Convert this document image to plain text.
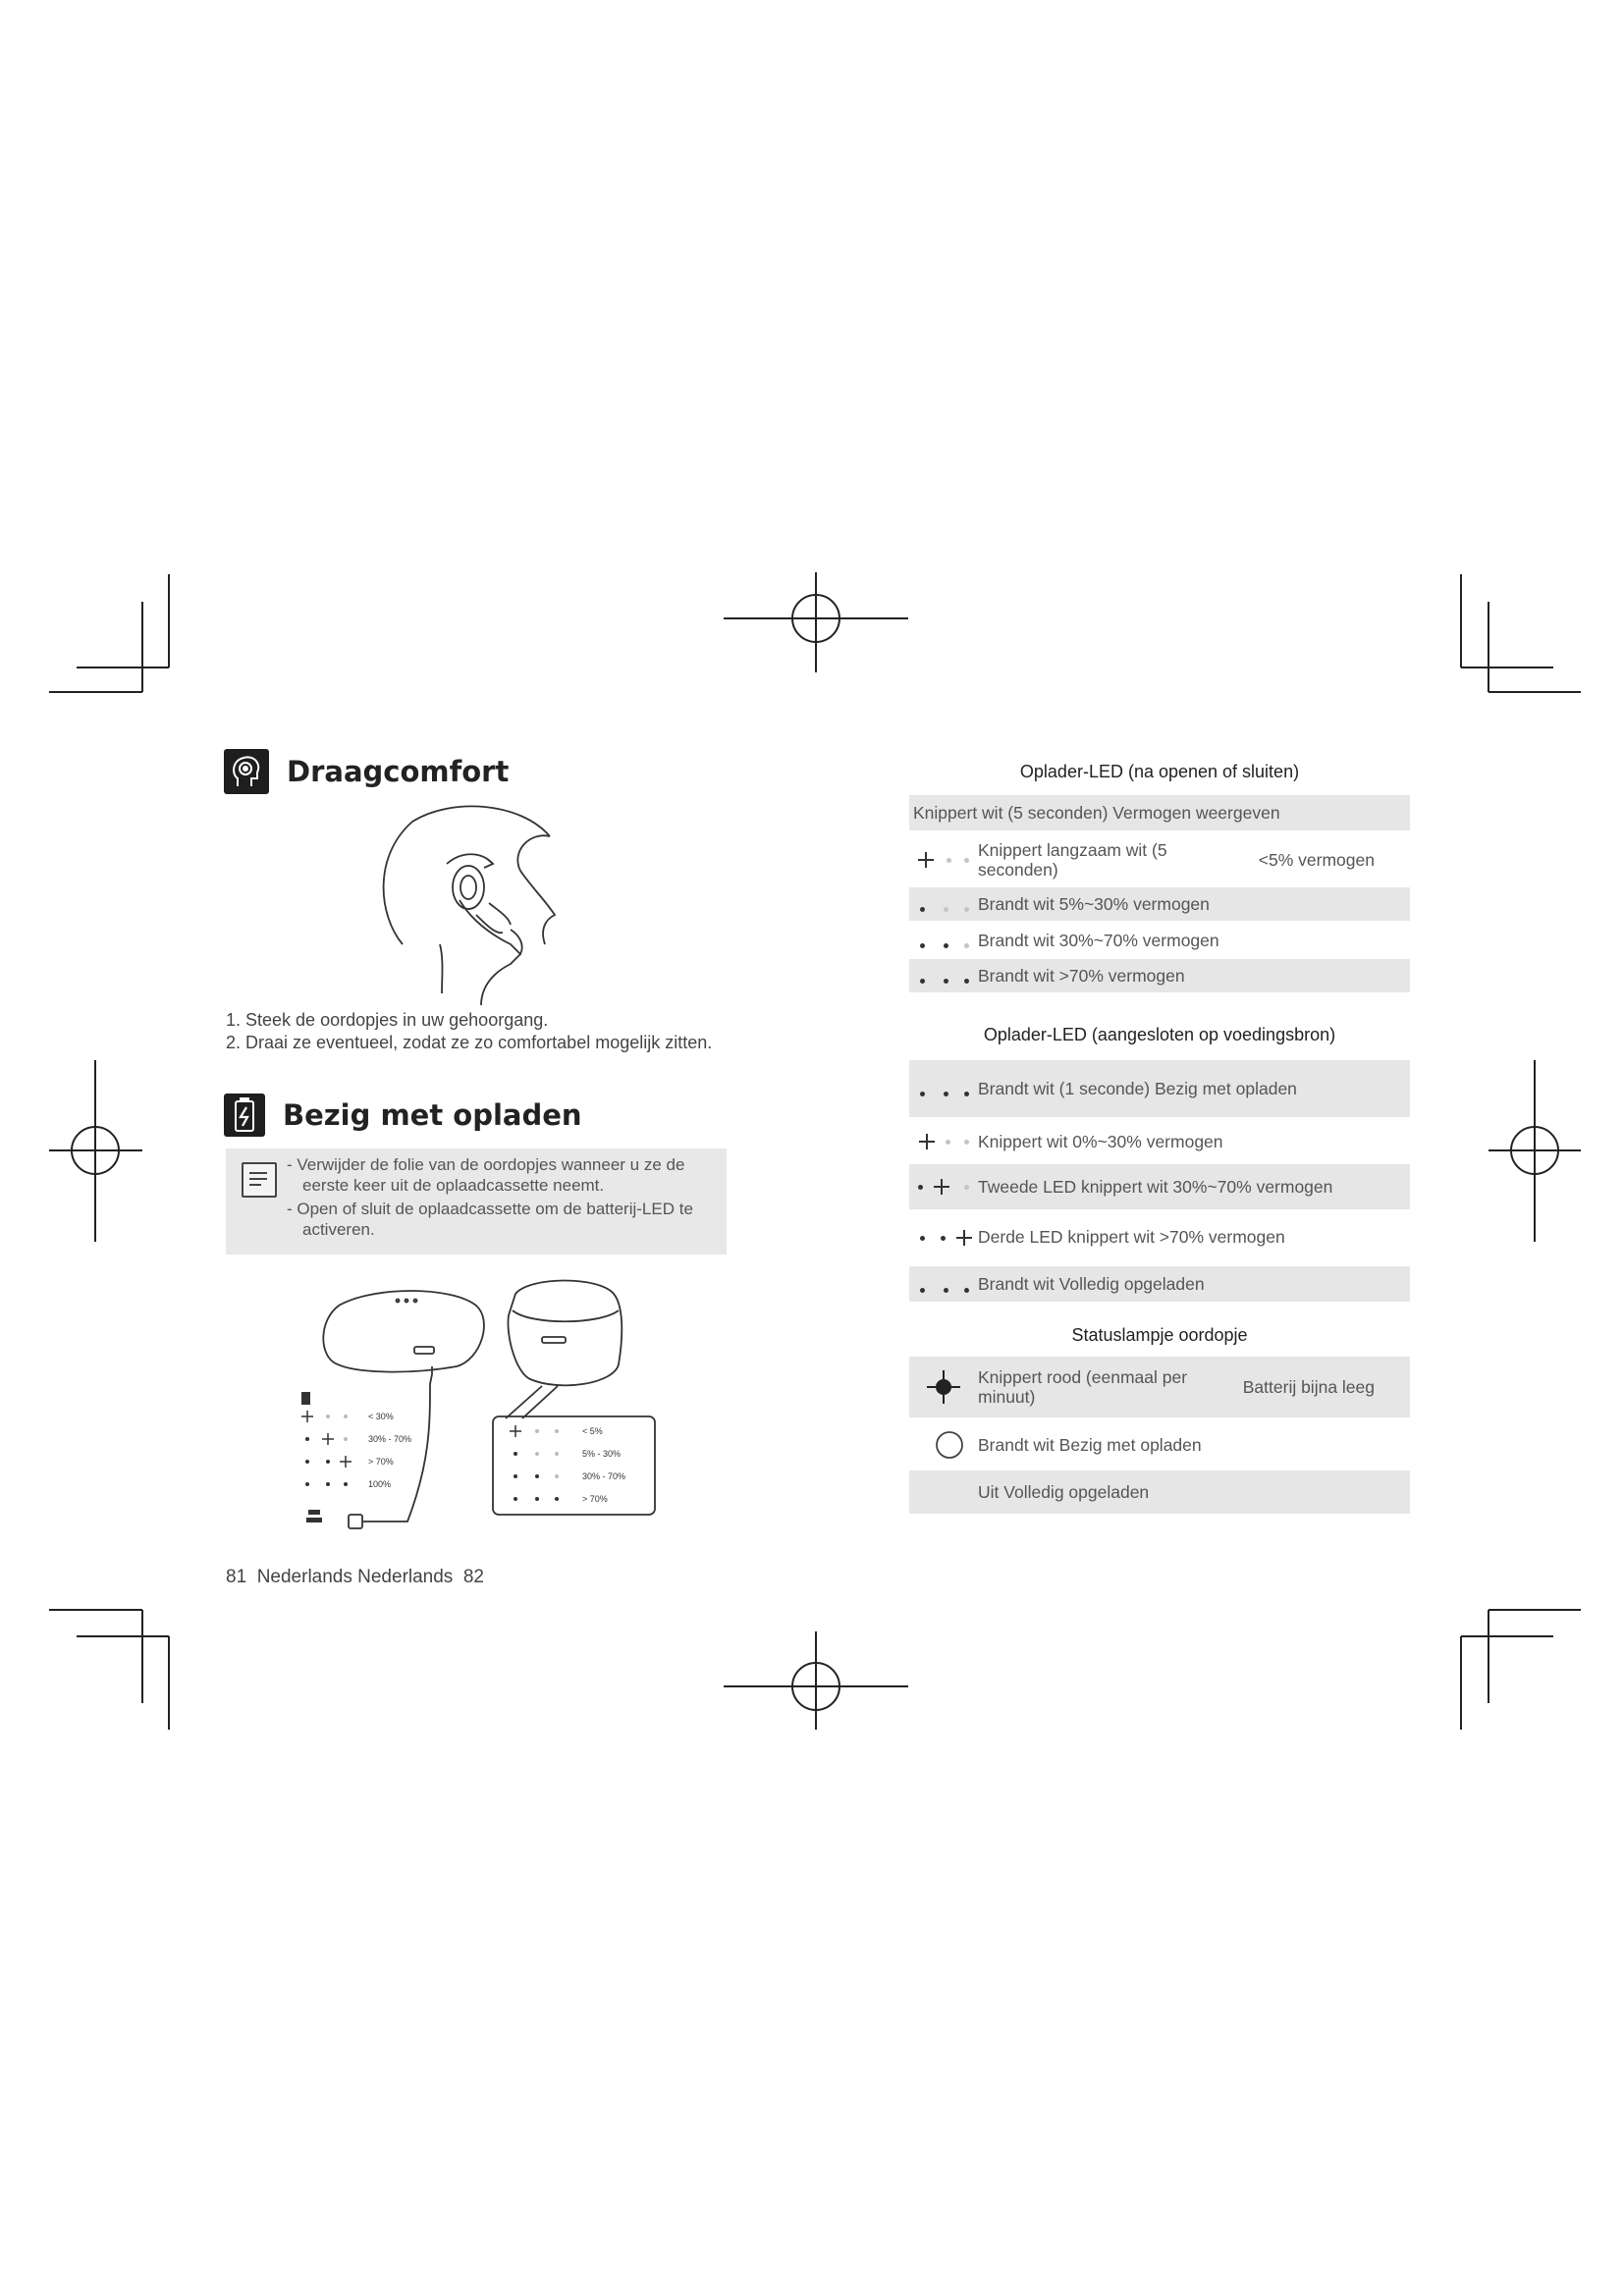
Draagcomfort
1. Steek de oordopjes in uw gehoorgang.
2. Draai ze eventueel, zodat ze zo comfortabel mogelijk zitten.
Bezig met opladen
- Verwijder de folie van de oordopjes wanneer u ze de eerste keer uit de oplaadcassette neemt.
- Open of sluit de oplaadcassette om de batterij-LED te activeren.
< 30%
30% - 70%
> 70%
100%
< 5%
5% - 30%
30% - 70%
> 70%
81  Nederlands Nederlands  82
Oplader-LED (na openen of sluiten)
Knippert wit (5 seconden) Vermogen weergeven
Knippert langzaam wit (5 seconden)
<5% vermogen
Brandt wit 5%~30% vermogen
Brandt wit 30%~70% vermogen
Brandt wit >70% vermogen
Oplader-LED (aangesloten op voedingsbron)
Brandt wit (1 seconde) Bezig met opladen
Knippert wit 0%~30% vermogen
Tweede LED knippert wit 30%~70% vermogen
Derde LED knippert wit >70% vermogen
Brandt wit Volledig opgeladen
Statuslampje oordopje
Knippert rood (eenmaal per minuut)
Batterij bijna leeg
Brandt wit Bezig met opladen
Uit Volledig opgeladen
